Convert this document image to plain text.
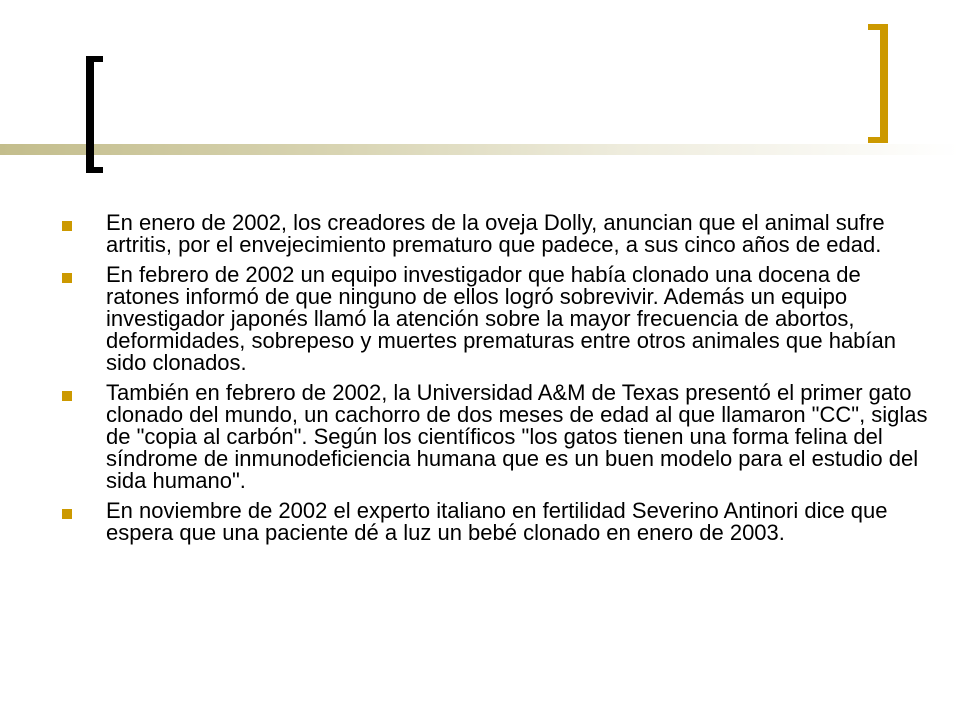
En enero de 2002, los creadores de la oveja Dolly, anuncian que el animal sufre artritis, por el envejecimiento prematuro que padece, a sus cinco años de edad.
En febrero de 2002 un equipo investigador que había clonado una docena de ratones informó de que ninguno de ellos logró sobrevivir. Además un equipo investigador japonés llamó la atención sobre la mayor frecuencia de abortos, deformidades, sobrepeso y muertes prematuras entre otros animales que habían sido clonados.
También en febrero de 2002, la Universidad A&M de Texas presentó el primer gato clonado del mundo, un cachorro de dos meses de edad al que llamaron "CC", siglas de "copia al carbón". Según los científicos "los gatos tienen una forma felina del síndrome de inmunodeficiencia humana que es un buen modelo para el estudio del sida humano".
En noviembre de 2002 el experto italiano en fertilidad Severino Antinori dice que espera que una paciente dé a luz un bebé clonado en enero de 2003.
